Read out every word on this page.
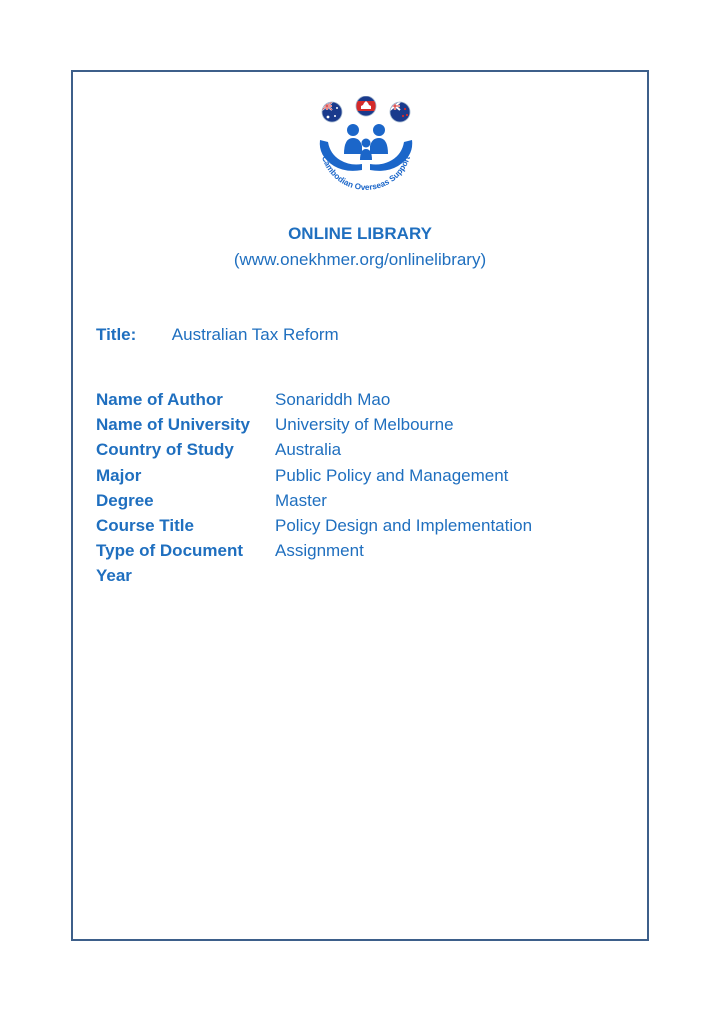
Cambodian Overseas Support
ONLINE LIBRARY
(www.onekhmer.org/onlinelibrary)
Title: Australian Tax Reform
Name of Author	Sonariddh Mao
Name of University	University of Melbourne
Country of Study	Australia
Major	Public Policy and Management
Degree	Master
Course Title	Policy Design and Implementation
Type of Document	Assignment
Year
